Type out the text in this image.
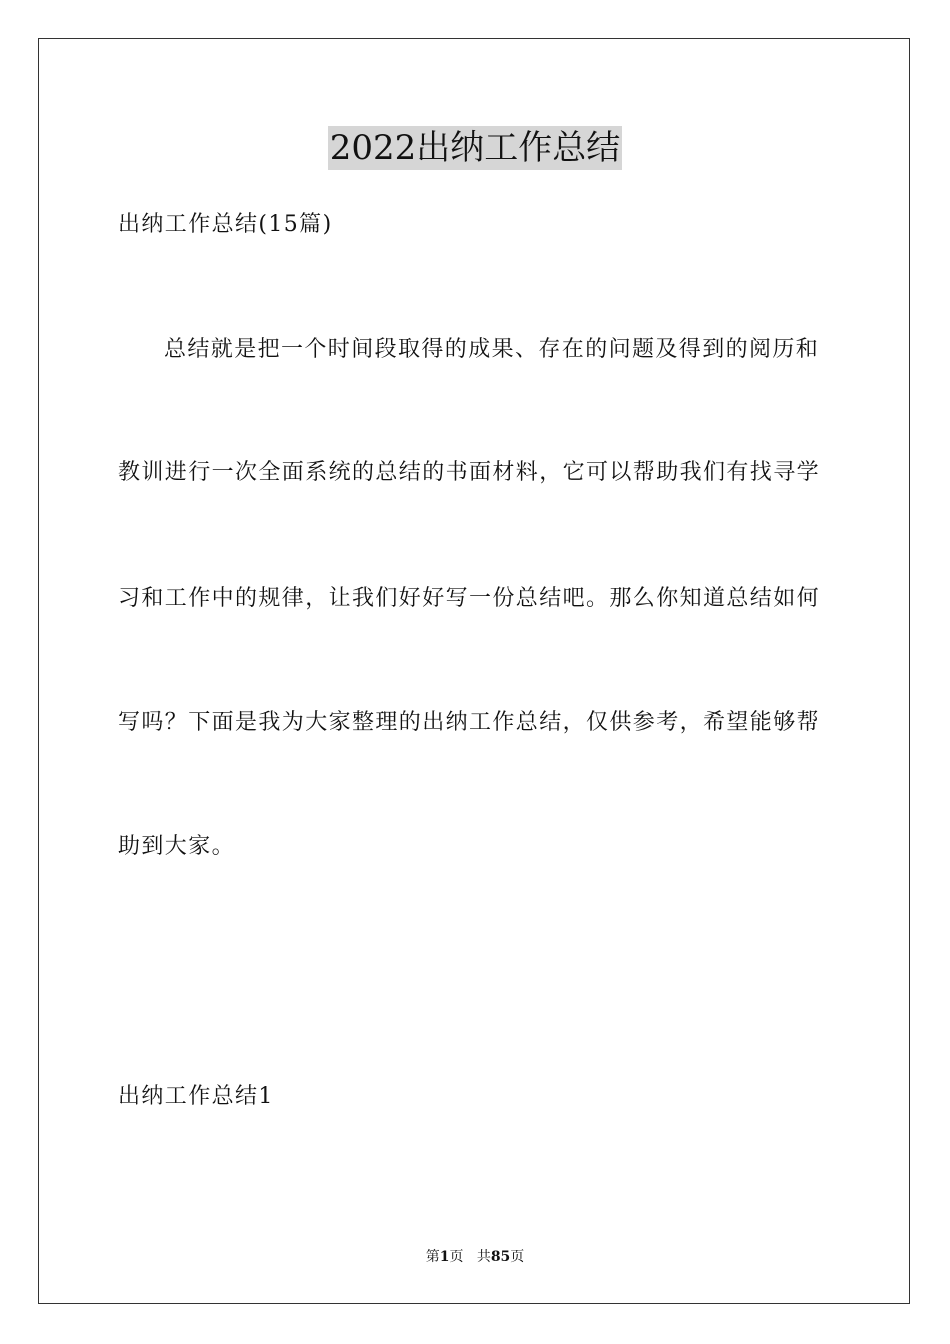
2022出纳工作总结
出纳工作总结(15篇)
总结就是把一个时间段取得的成果、存在的问题及得到的阅历和
教训进行一次全面系统的总结的书面材料，它可以帮助我们有找寻学
习和工作中的规律，让我们好好写一份总结吧。那么你知道总结如何
写吗？下面是我为大家整理的出纳工作总结，仅供参考，希望能够帮
助到大家。
出纳工作总结1
第1页 共85页
